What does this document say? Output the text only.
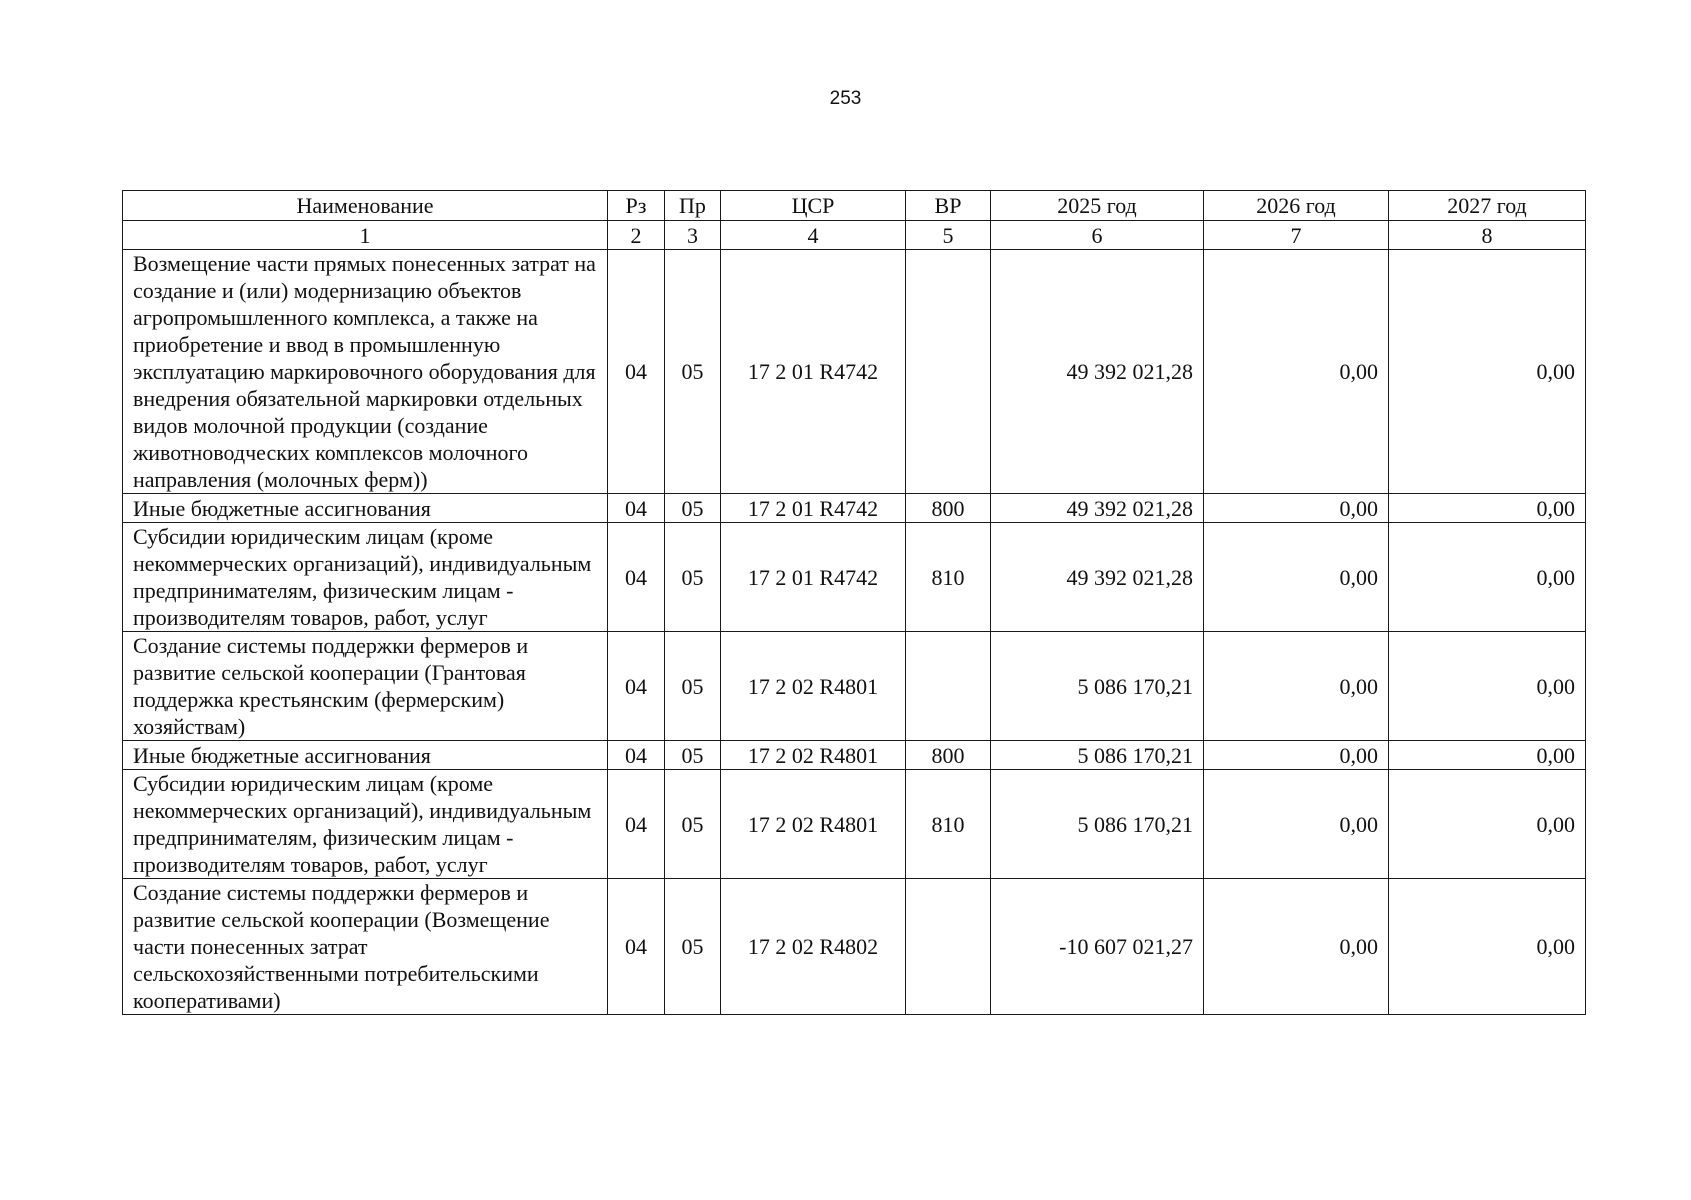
253
Наименование	Рз	Пр	ЦСР	ВР	2025 год	2026 год	2027 год
1	2	3	4	5	6	7	8
Возмещение части прямых понесенных затрат на создание и (или) модернизацию объектов агропромышленного комплекса, а также на приобретение и ввод в промышленную эксплуатацию маркировочного оборудования для внедрения обязательной маркировки отдельных видов молочной продукции (создание животноводческих комплексов молочного направления (молочных ферм))	04	05	17 2 01 R4742		49 392 021,28	0,00	0,00
Иные бюджетные ассигнования	04	05	17 2 01 R4742	800	49 392 021,28	0,00	0,00
Субсидии юридическим лицам (кроме некоммерческих организаций), индивидуальным предпринимателям, физическим лицам - производителям товаров, работ, услуг	04	05	17 2 01 R4742	810	49 392 021,28	0,00	0,00
Создание системы поддержки фермеров и развитие сельской кооперации (Грантовая поддержка крестьянским (фермерским) хозяйствам)	04	05	17 2 02 R4801		5 086 170,21	0,00	0,00
Иные бюджетные ассигнования	04	05	17 2 02 R4801	800	5 086 170,21	0,00	0,00
Субсидии юридическим лицам (кроме некоммерческих организаций), индивидуальным предпринимателям, физическим лицам - производителям товаров, работ, услуг	04	05	17 2 02 R4801	810	5 086 170,21	0,00	0,00
Создание системы поддержки фермеров и развитие сельской кооперации (Возмещение части понесенных затрат сельскохозяйственными потребительскими кооперативами)	04	05	17 2 02 R4802		-10 607 021,27	0,00	0,00
